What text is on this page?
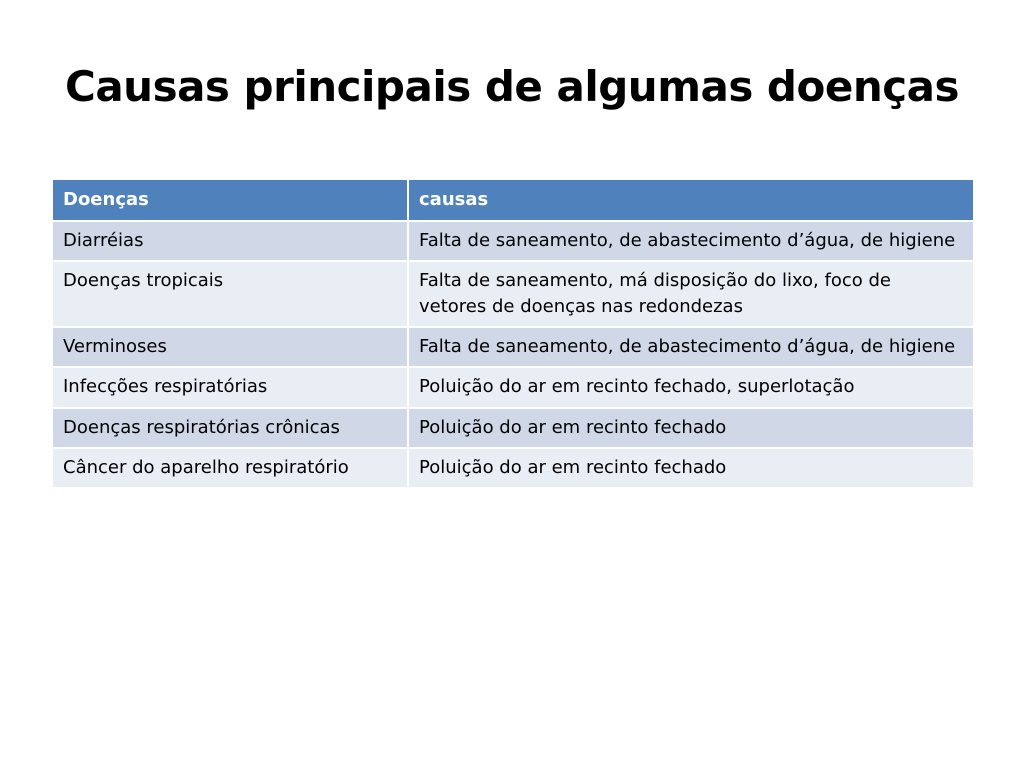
Causas principais de algumas doenças
Doenças	causas
Diarréias	Falta de saneamento, de abastecimento d’água, de higiene
Doenças tropicais	Falta de saneamento, má disposição do lixo, foco de vetores de doenças nas redondezas
Verminoses	Falta de saneamento, de abastecimento d’água, de higiene
Infecções respiratórias	Poluição do ar em recinto fechado, superlotação
Doenças respiratórias crônicas	Poluição do ar em recinto fechado
Câncer do aparelho respiratório	Poluição do ar em recinto fechado
